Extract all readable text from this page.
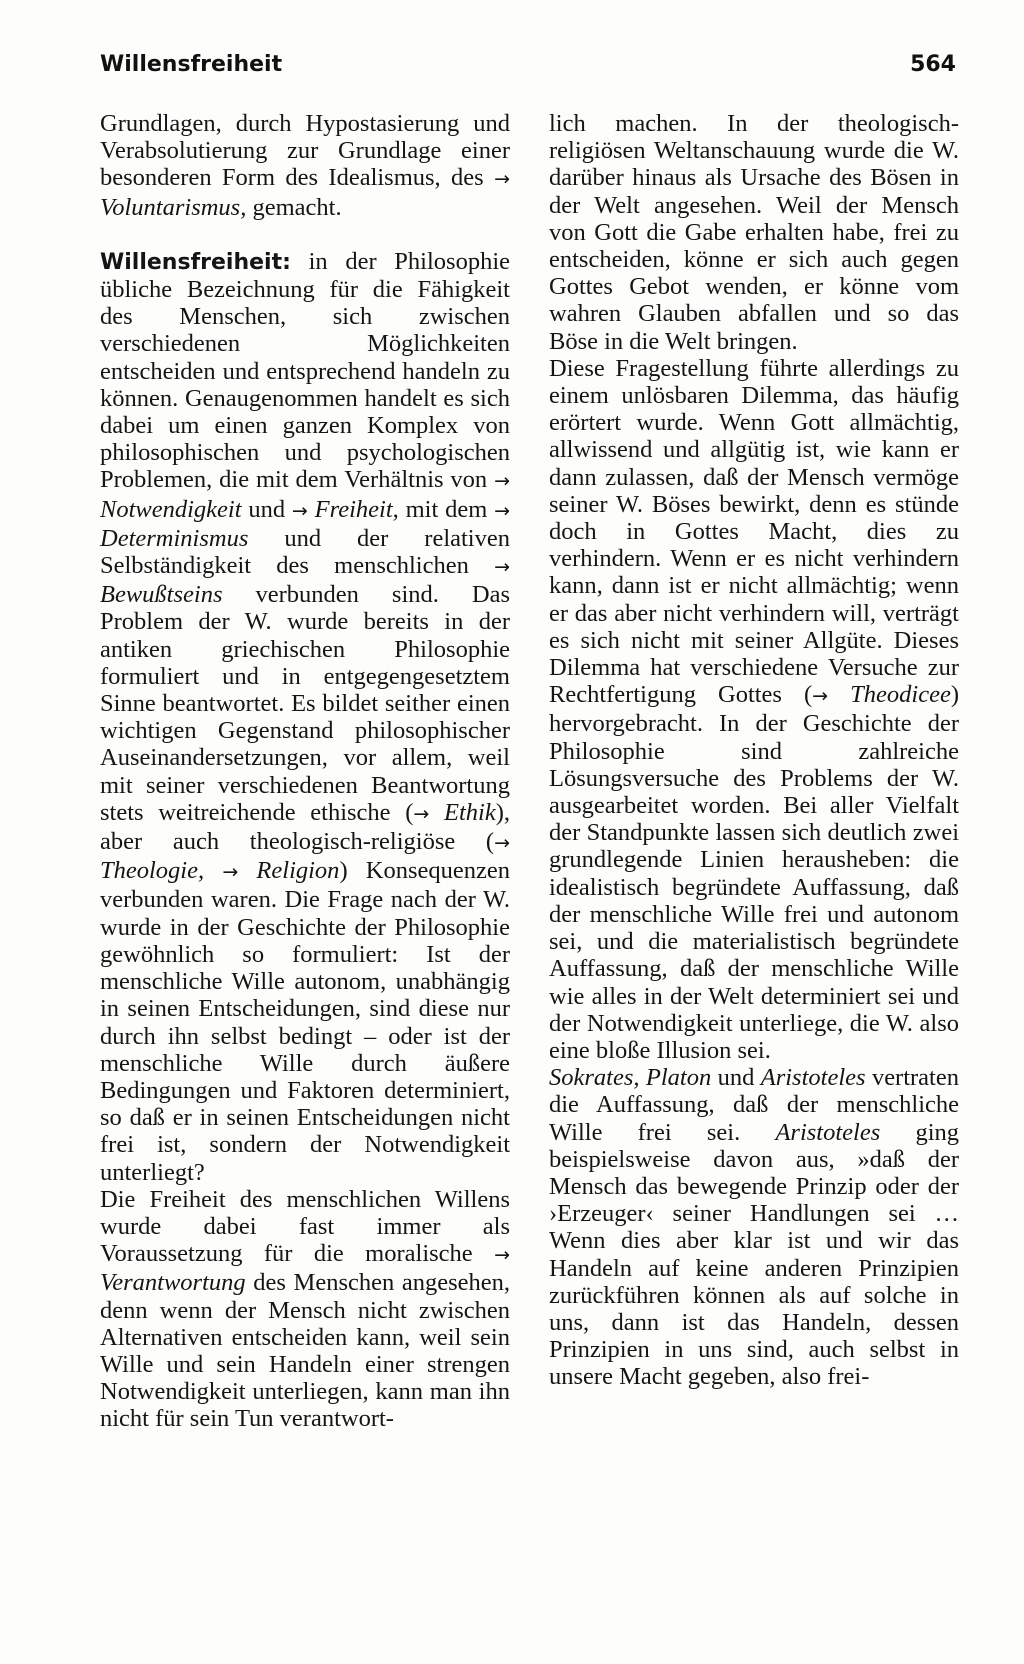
Willensfreiheit	564

Grundlagen, durch Hypostasierung und Verabsolutierung zur Grundlage einer besonderen Form des Idealismus, des → Voluntarismus, gemacht.

Willensfreiheit: in der Philosophie übliche Bezeichnung für die Fähigkeit des Menschen, sich zwischen verschiedenen Möglichkeiten entscheiden und entsprechend handeln zu können. Genaugenommen handelt es sich dabei um einen ganzen Komplex von philosophischen und psychologischen Problemen, die mit dem Verhältnis von → Notwendigkeit und → Freiheit, mit dem → Determinismus und der relativen Selbständigkeit des menschlichen → Bewußtseins verbunden sind. Das Problem der W. wurde bereits in der antiken griechischen Philosophie formuliert und in entgegengesetztem Sinne beantwortet. Es bildet seither einen wichtigen Gegenstand philosophischer Auseinandersetzungen, vor allem, weil mit seiner verschiedenen Beantwortung stets weitreichende ethische (→ Ethik), aber auch theologisch-religiöse (→ Theologie, → Religion) Konsequenzen verbunden waren. Die Frage nach der W. wurde in der Geschichte der Philosophie gewöhnlich so formuliert: Ist der menschliche Wille autonom, unabhängig in seinen Entscheidungen, sind diese nur durch ihn selbst bedingt – oder ist der menschliche Wille durch äußere Bedingungen und Faktoren determiniert, so daß er in seinen Entscheidungen nicht frei ist, sondern der Notwendigkeit unterliegt?

Die Freiheit des menschlichen Willens wurde dabei fast immer als Voraussetzung für die moralische → Verantwortung des Menschen angesehen, denn wenn der Mensch nicht zwischen Alternativen entscheiden kann, weil sein Wille und sein Handeln einer strengen Notwendigkeit unterliegen, kann man ihn nicht für sein Tun verantwort-

lich machen. In der theologisch-religiösen Weltanschauung wurde die W. darüber hinaus als Ursache des Bösen in der Welt angesehen. Weil der Mensch von Gott die Gabe erhalten habe, frei zu entscheiden, könne er sich auch gegen Gottes Gebot wenden, er könne vom wahren Glauben abfallen und so das Böse in die Welt bringen.

Diese Fragestellung führte allerdings zu einem unlösbaren Dilemma, das häufig erörtert wurde. Wenn Gott allmächtig, allwissend und allgütig ist, wie kann er dann zulassen, daß der Mensch vermöge seiner W. Böses bewirkt, denn es stünde doch in Gottes Macht, dies zu verhindern. Wenn er es nicht verhindern kann, dann ist er nicht allmächtig; wenn er das aber nicht verhindern will, verträgt es sich nicht mit seiner Allgüte. Dieses Dilemma hat verschiedene Versuche zur Rechtfertigung Gottes (→ Theodicee) hervorgebracht. In der Geschichte der Philosophie sind zahlreiche Lösungsversuche des Problems der W. ausgearbeitet worden. Bei aller Vielfalt der Standpunkte lassen sich deutlich zwei grundlegende Linien herausheben: die idealistisch begründete Auffassung, daß der menschliche Wille frei und autonom sei, und die materialistisch begründete Auffassung, daß der menschliche Wille wie alles in der Welt determiniert sei und der Notwendigkeit unterliege, die W. also eine bloße Illusion sei.

Sokrates, Platon und Aristoteles vertraten die Auffassung, daß der menschliche Wille frei sei. Aristoteles ging beispielsweise davon aus, »daß der Mensch das bewegende Prinzip oder der ›Erzeuger‹ seiner Handlungen sei … Wenn dies aber klar ist und wir das Handeln auf keine anderen Prinzipien zurückführen können als auf solche in uns, dann ist das Handeln, dessen Prinzipien in uns sind, auch selbst in unsere Macht gegeben, also frei-
